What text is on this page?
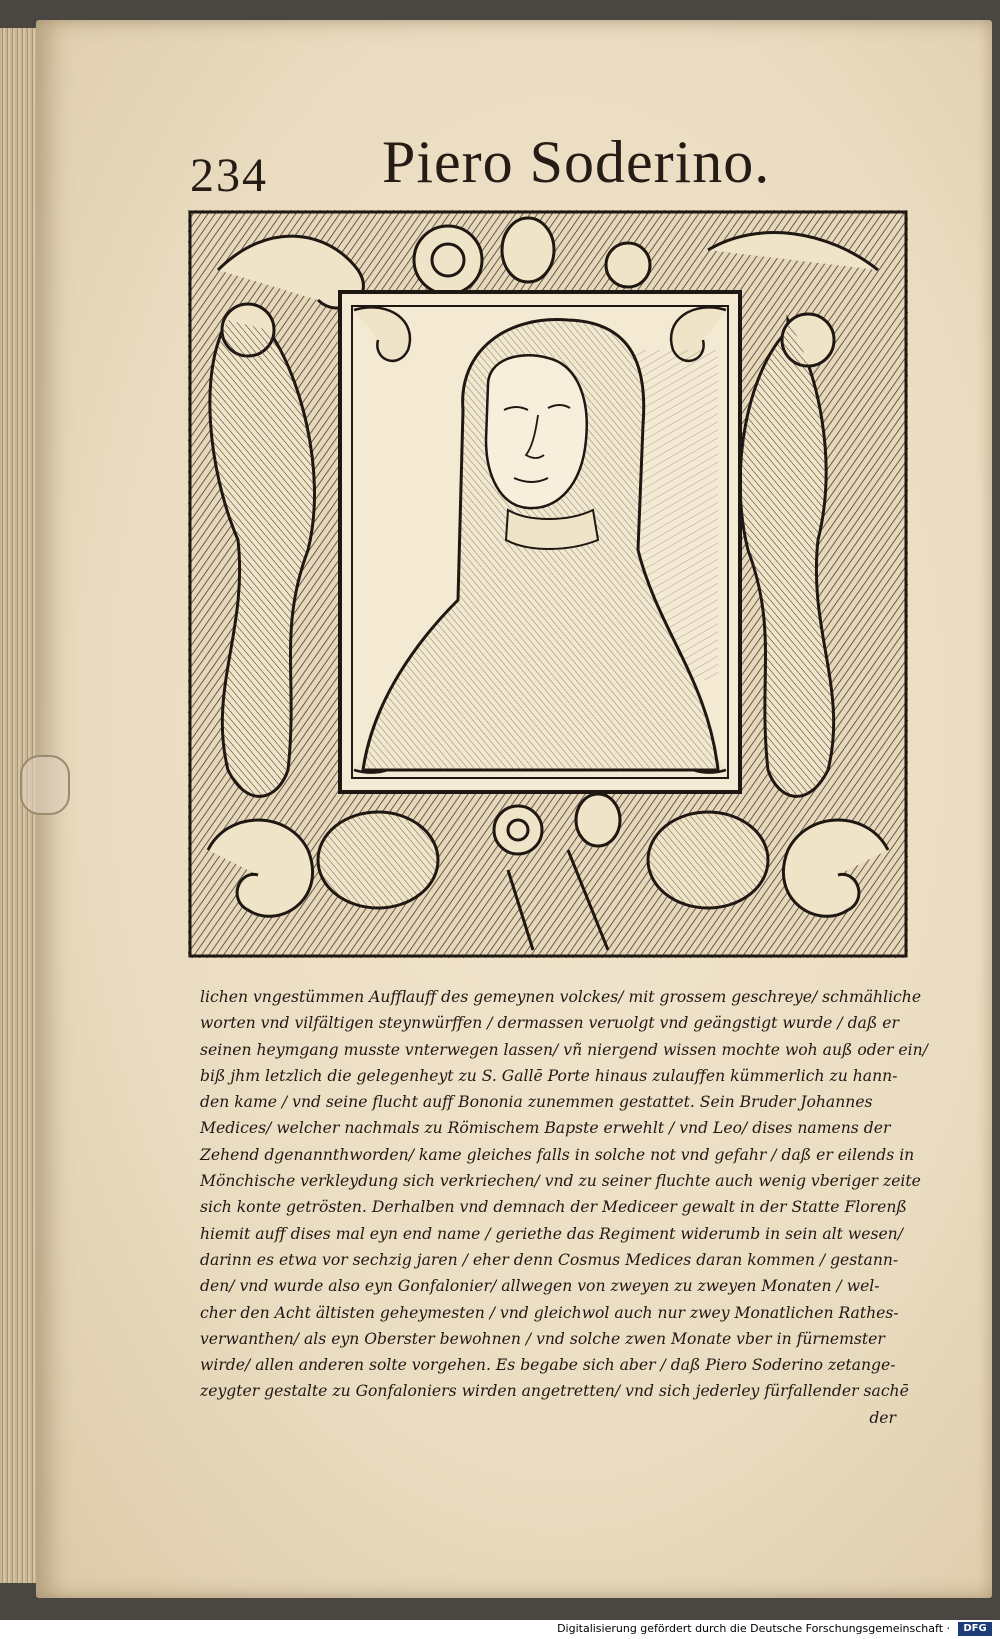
234 Piero Soderino.
lichen vngestümmen Aufflauff des gemeynen volckes/ mit grossem geschreye/ schmähliche
worten vnd vilfältigen steynwürffen / dermassen veruolgt vnd geängstigt wurde / daß er
seinen heymgang musste vnterwegen lassen/ vñ niergend wissen mochte woh auß oder ein/
biß jhm letzlich die gelegenheyt zu S. Gallē Porte hinaus zulauffen kümmerlich zu hann-
den kame / vnd seine flucht auff Bononia zunemmen gestattet. Sein Bruder Johannes
Medices/ welcher nachmals zu Römischem Bapste erwehlt / vnd Leo/ dises namens der
Zehend dgenannthworden/ kame gleiches falls in solche not vnd gefahr / daß er eilends in
Mönchische verkleydung sich verkriechen/ vnd zu seiner fluchte auch wenig vberiger zeite
sich konte getrösten. Derhalben vnd demnach der Mediceer gewalt in der Statte Florenß
hiemit auff dises mal eyn end name / geriethe das Regiment widerumb in sein alt wesen/
darinn es etwa vor sechzig jaren / eher denn Cosmus Medices daran kommen / gestann-
den/ vnd wurde also eyn Gonfalonier/ allwegen von zweyen zu zweyen Monaten / wel-
cher den Acht ältisten geheymesten / vnd gleichwol auch nur zwey Monatlichen Rathes-
verwanthen/ als eyn Oberster bewohnen / vnd solche zwen Monate vber in fürnemster
wirde/ allen anderen solte vorgehen. Es begabe sich aber / daß Piero Soderino zetange-
zeygter gestalte zu Gonfaloniers wirden angetretten/ vnd sich jederley fürfallender sachē
der
Digitalisierung gefördert durch die Deutsche Forschungsgemeinschaft ·	DFG
